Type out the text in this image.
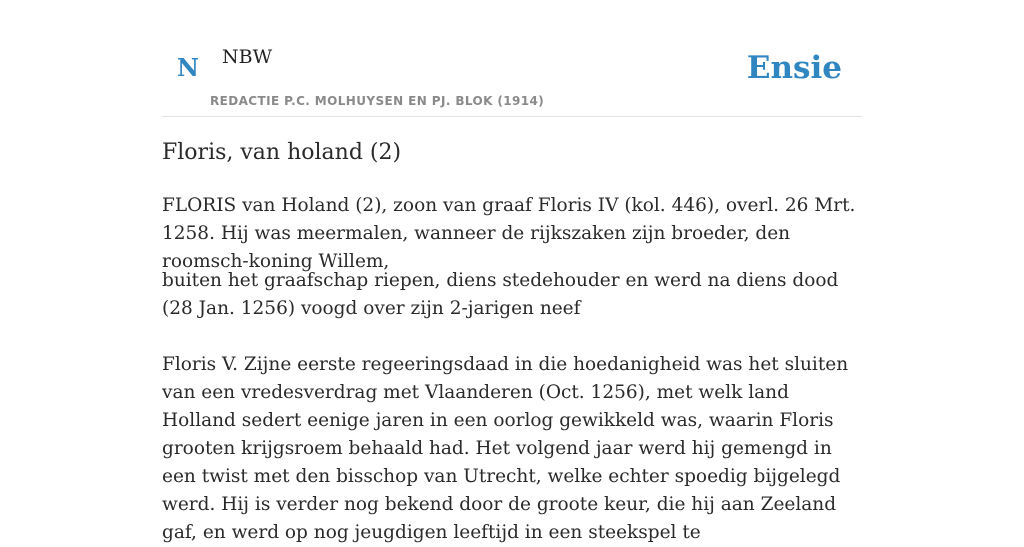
N NBW
REDACTIE P.C. MOLHUYSEN EN PJ. BLOK (1914)
Ensie
Floris, van holand (2)

FLORIS van Holand (2), zoon van graaf Floris IV (kol. 446), overl. 26 Mrt. 1258. Hij was meermalen, wanneer de rijkszaken zijn broeder, den roomsch-koning Willem,

buiten het graafschap riepen, diens stedehouder en werd na diens dood (28 Jan. 1256) voogd over zijn 2-jarigen neef

Floris V. Zijne eerste regeeringsdaad in die hoedanigheid was het sluiten van een vredesverdrag met Vlaanderen (Oct. 1256), met welk land Holland sedert eenige jaren in een oorlog gewikkeld was, waarin Floris grooten krijgsroem behaald had. Het volgend jaar werd hij gemengd in een twist met den bisschop van Utrecht, welke echter spoedig bijgelegd werd. Hij is verder nog bekend door de groote keur, die hij aan Zeeland gaf, en werd op nog jeugdigen leeftijd in een steekspel te
